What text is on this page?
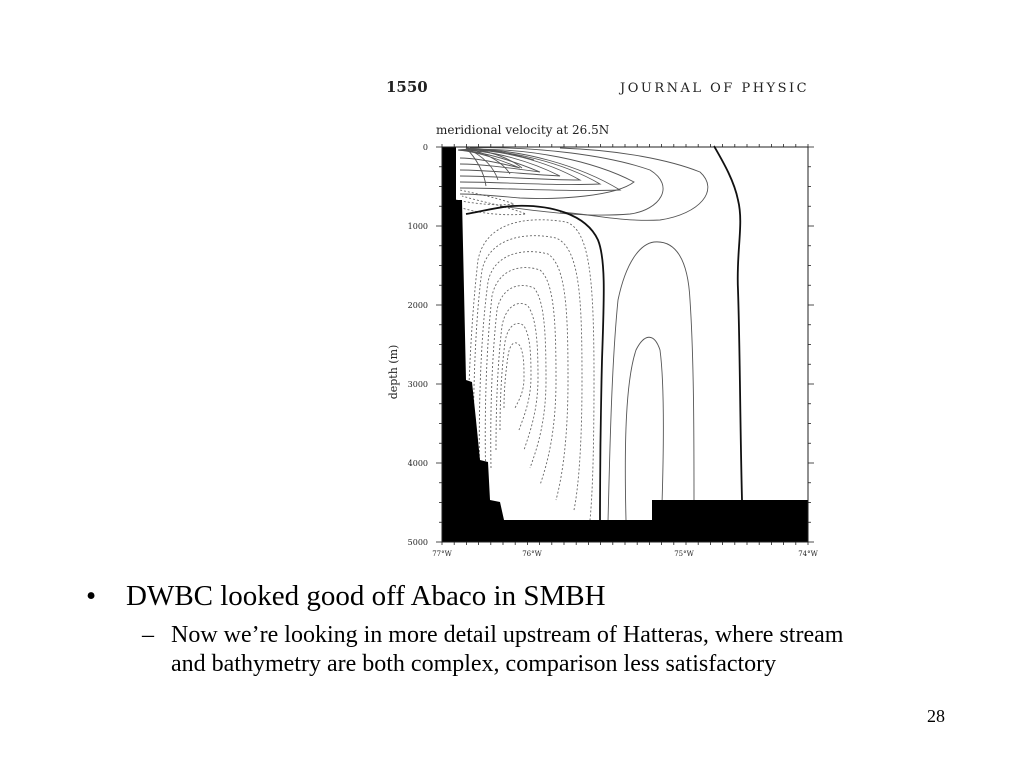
1550	JOURNAL OF PHYSIC
meridional velocity at 26.5N
depth (m)
0
1000
2000
3000
4000
5000
77°W	76°W	75°W	74°W
• DWBC looked good off Abaco in SMBH
– Now we’re looking in more detail upstream of Hatteras, where stream and bathymetry are both complex, comparison less satisfactory
28
